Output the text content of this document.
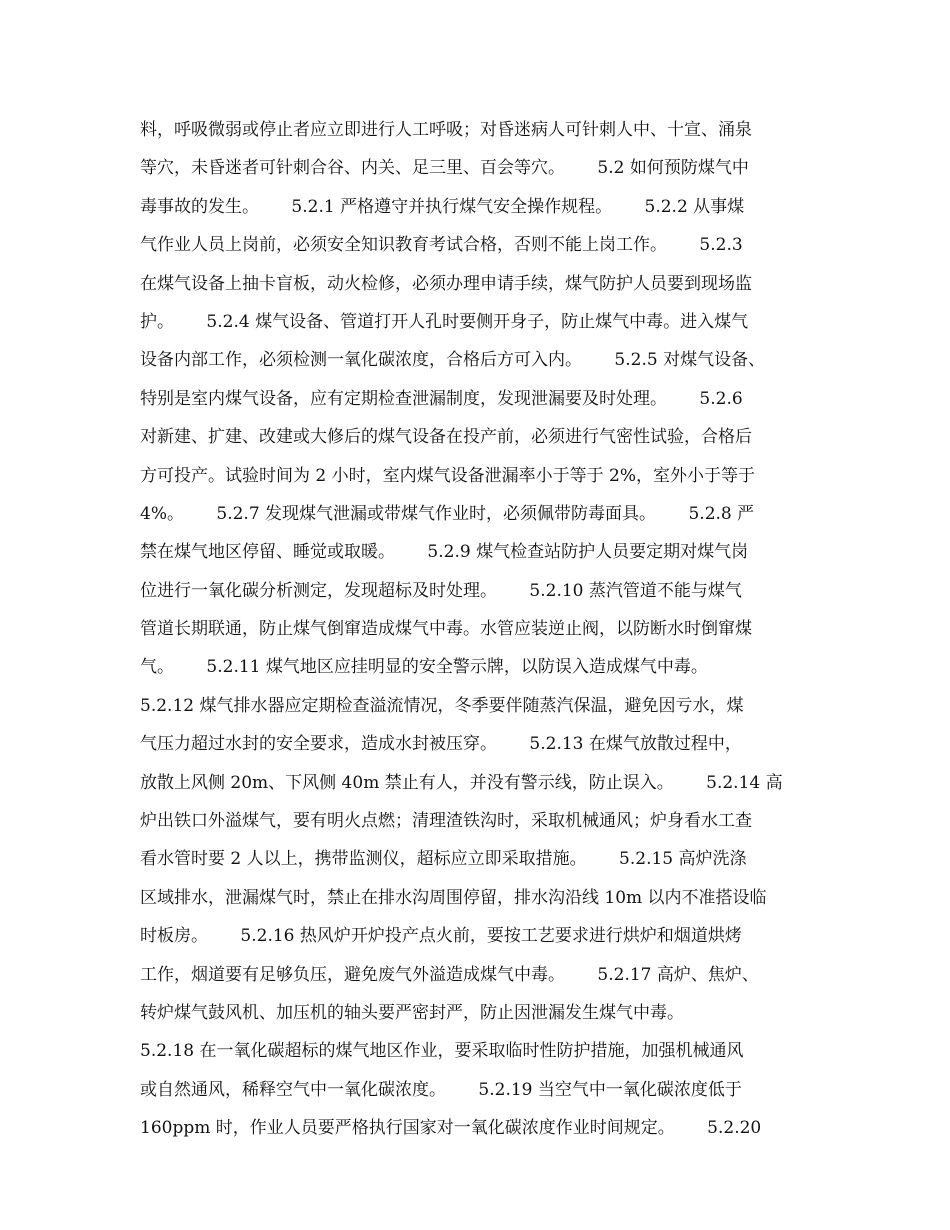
料，呼吸微弱或停止者应立即进行人工呼吸；对昏迷病人可针刺人中、十宣、涌泉
等穴，未昏迷者可针刺合谷、内关、足三里、百会等穴。      5.2 如何预防煤气中
毒事故的发生。      5.2.1 严格遵守并执行煤气安全操作规程。      5.2.2 从事煤
气作业人员上岗前，必须安全知识教育考试合格，否则不能上岗工作。      5.2.3
在煤气设备上抽卡盲板，动火检修，必须办理申请手续，煤气防护人员要到现场监
护。      5.2.4 煤气设备、管道打开人孔时要侧开身子，防止煤气中毒。进入煤气
设备内部工作，必须检测一氧化碳浓度，合格后方可入内。      5.2.5 对煤气设备、
特别是室内煤气设备，应有定期检查泄漏制度，发现泄漏要及时处理。      5.2.6
对新建、扩建、改建或大修后的煤气设备在投产前，必须进行气密性试验，合格后
方可投产。试验时间为 2 小时，室内煤气设备泄漏率小于等于 2%，室外小于等于
4%。      5.2.7 发现煤气泄漏或带煤气作业时，必须佩带防毒面具。      5.2.8 严
禁在煤气地区停留、睡觉或取暖。      5.2.9 煤气检查站防护人员要定期对煤气岗
位进行一氧化碳分析测定，发现超标及时处理。      5.2.10 蒸汽管道不能与煤气
管道长期联通，防止煤气倒窜造成煤气中毒。水管应装逆止阀，以防断水时倒窜煤
气。      5.2.11 煤气地区应挂明显的安全警示牌，以防误入造成煤气中毒。
5.2.12 煤气排水器应定期检查溢流情况，冬季要伴随蒸汽保温，避免因亏水，煤
气压力超过水封的安全要求，造成水封被压穿。      5.2.13 在煤气放散过程中，
放散上风侧 20m、下风侧 40m 禁止有人，并没有警示线，防止误入。      5.2.14 高
炉出铁口外溢煤气，要有明火点燃；清理渣铁沟时，采取机械通风；炉身看水工查
看水管时要 2 人以上，携带监测仪，超标应立即采取措施。      5.2.15 高炉洗涤
区域排水，泄漏煤气时，禁止在排水沟周围停留，排水沟沿线 10m 以内不准搭设临
时板房。      5.2.16 热风炉开炉投产点火前，要按工艺要求进行烘炉和烟道烘烤
工作，烟道要有足够负压，避免废气外溢造成煤气中毒。      5.2.17 高炉、焦炉、
转炉煤气鼓风机、加压机的轴头要严密封严，防止因泄漏发生煤气中毒。
5.2.18 在一氧化碳超标的煤气地区作业，要采取临时性防护措施，加强机械通风
或自然通风，稀释空气中一氧化碳浓度。      5.2.19 当空气中一氧化碳浓度低于
160ppm 时，作业人员要严格执行国家对一氧化碳浓度作业时间规定。      5.2.20
